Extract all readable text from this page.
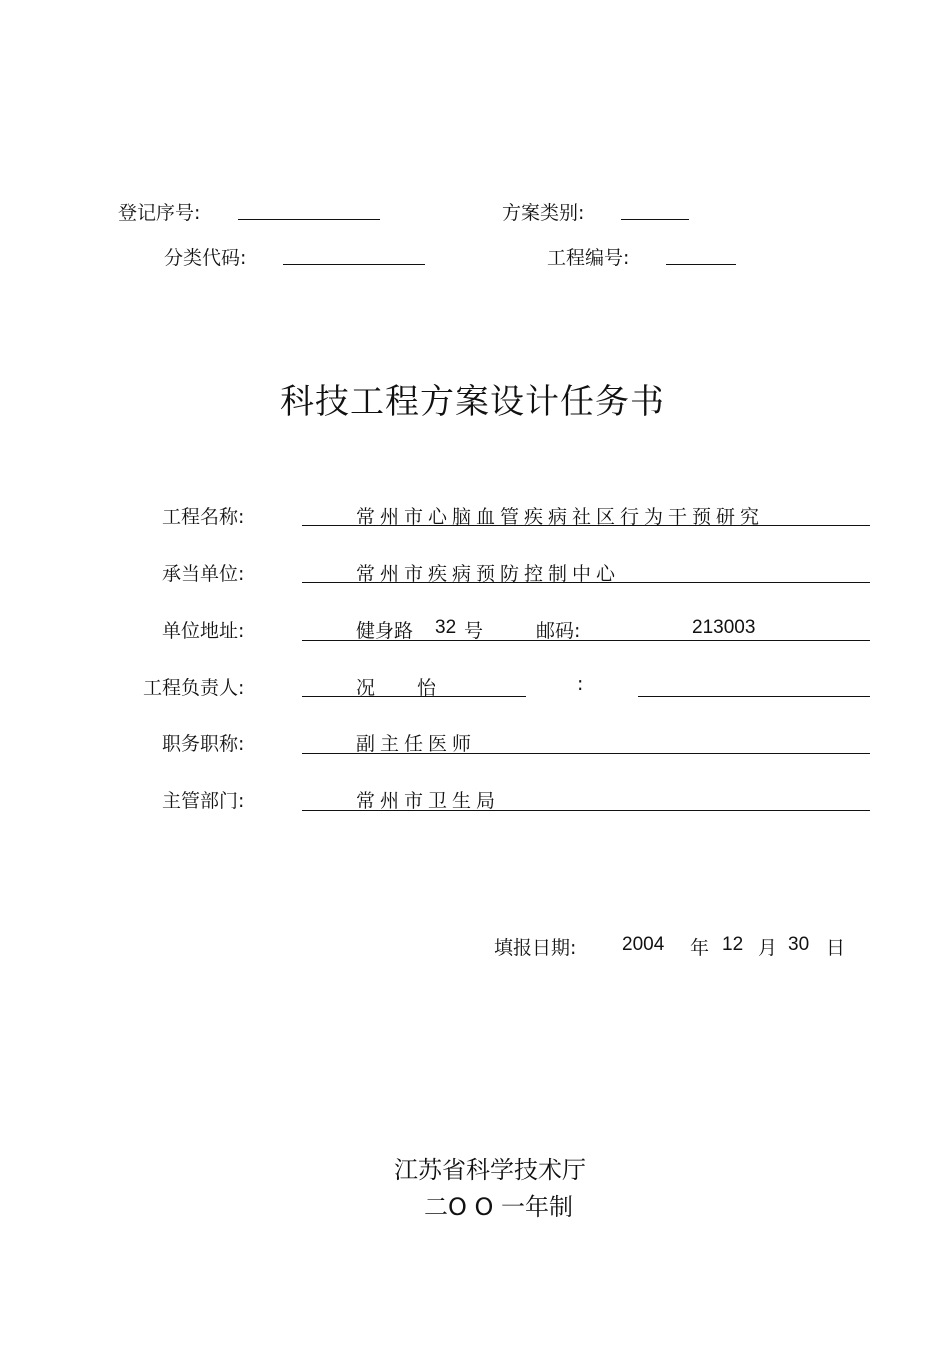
登记序号:	方案类别:
分类代码:	工程编号:
科技工程方案设计任务书
工程名称:	常州市心脑血管疾病社区行为干预研究
承当单位:	常州市疾病预防控制中心
单位地址:	健身路 32 号	邮码:	213003
工程负责人:	况 怡	:
职务职称:	副主任医师
主管部门:	常州市卫生局
填报日期: 2004 年 12 月 30 日
江苏省科学技术厅
二O O 一年制
